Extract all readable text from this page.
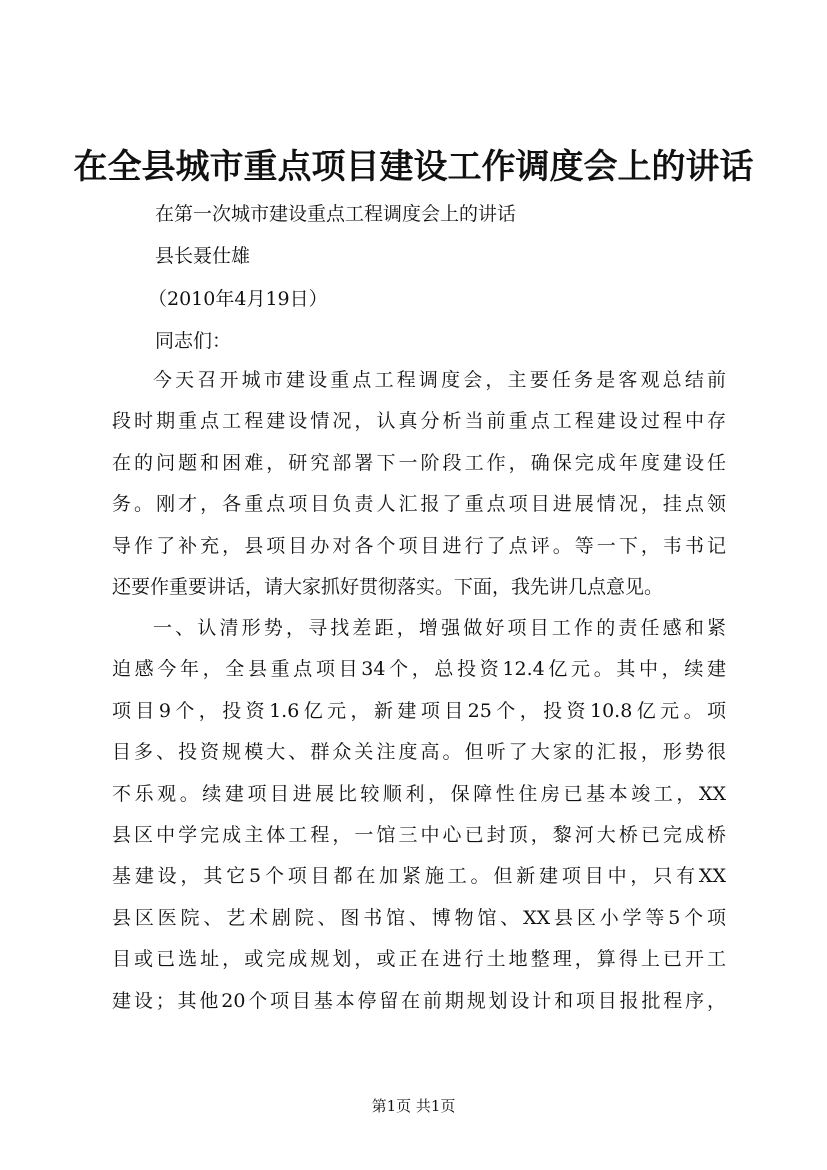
在全县城市重点项目建设工作调度会上的讲话
在第一次城市建设重点工程调度会上的讲话
县长聂仕雄
（2010年4月19日）
同志们：
今天召开城市建设重点工程调度会，主要任务是客观总结前
段时期重点工程建设情况，认真分析当前重点工程建设过程中存
在的问题和困难，研究部署下一阶段工作，确保完成年度建设任
务。刚才，各重点项目负责人汇报了重点项目进展情况，挂点领
导作了补充，县项目办对各个项目进行了点评。等一下，韦书记
还要作重要讲话，请大家抓好贯彻落实。下面，我先讲几点意见。
一、认清形势，寻找差距，增强做好项目工作的责任感和紧
迫感今年，全县重点项目34个，总投资12.4亿元。其中，续建
项目9个，投资1.6亿元，新建项目25个，投资10.8亿元。项
目多、投资规模大、群众关注度高。但听了大家的汇报，形势很
不乐观。续建项目进展比较顺利，保障性住房已基本竣工，XX
县区中学完成主体工程，一馆三中心已封顶，黎河大桥已完成桥
基建设，其它5个项目都在加紧施工。但新建项目中，只有XX
县区医院、艺术剧院、图书馆、博物馆、XX县区小学等5个项
目或已选址，或完成规划，或正在进行土地整理，算得上已开工
建设；其他20个项目基本停留在前期规划设计和项目报批程序，
第1页 共1页
